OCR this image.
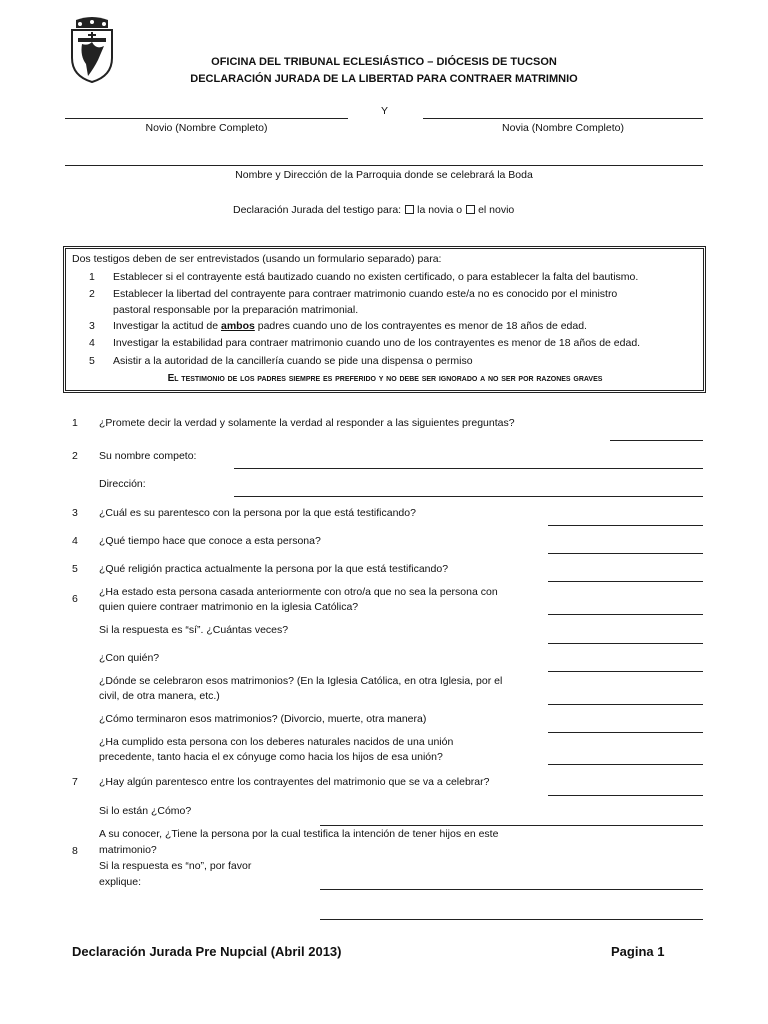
OFICINA DEL TRIBUNAL ECLESIÁSTICO – DIÓCESIS DE TUCSON
DECLARACIÓN JURADA DE LA LIBERTAD PARA CONTRAER MATRIMNIO
Y
Novio (Nombre Completo)	Novia (Nombre Completo)
Nombre y Dirección de la Parroquia donde se celebrará la Boda
Declaración Jurada del testigo para: la novia o el novio
Dos testigos deben de ser entrevistados (usando un formulario separado) para:
1 Establecer si el contrayente está bautizado cuando no existen certificado, o para establecer la falta del bautismo.
2 Establecer la libertad del contrayente para contraer matrimonio cuando este/a no es conocido por el ministro
pastoral responsable por la preparación matrimonial.
3 Investigar la actitud de ambos padres cuando uno de los contrayentes es menor de 18 años de edad.
4 Investigar la estabilidad para contraer matrimonio cuando uno de los contrayentes es menor de 18 años de edad.
5 Asistir a la autoridad de la cancillería cuando se pide una dispensa o permiso
El testimonio de los padres siempre es preferido y no debe ser ignorado a no ser por razones graves
1 ¿Promete decir la verdad y solamente la verdad al responder a las siguientes preguntas?
2 Su nombre competo:
Dirección:
3 ¿Cuál es su parentesco con la persona por la que está testificando?
4 ¿Qué tiempo hace que conoce a esta persona?
5 ¿Qué religión practica actualmente la persona por la que está testificando?
6
¿Ha estado esta persona casada anteriormente con otro/a que no sea la persona con
quien quiere contraer matrimonio en la iglesia Católica?
Si la respuesta es “sí”. ¿Cuántas veces?
¿Con quién?
¿Dónde se celebraron esos matrimonios? (En la Iglesia Católica, en otra Iglesia, por el
civil, de otra manera, etc.)
¿Cómo terminaron esos matrimonios? (Divorcio, muerte, otra manera)
¿Ha cumplido esta persona con los deberes naturales nacidos de una unión
precedente, tanto hacia el ex cónyuge como hacia los hijos de esa unión?
7 ¿Hay algún parentesco entre los contrayentes del matrimonio que se va a celebrar?
Si lo están ¿Cómo?
8
A su conocer, ¿Tiene la persona por la cual testifica la intención de tener hijos en este
matrimonio?
Si la respuesta es “no”, por favor
explique:
Declaración Jurada Pre Nupcial (Abril 2013)	Pagina 1
